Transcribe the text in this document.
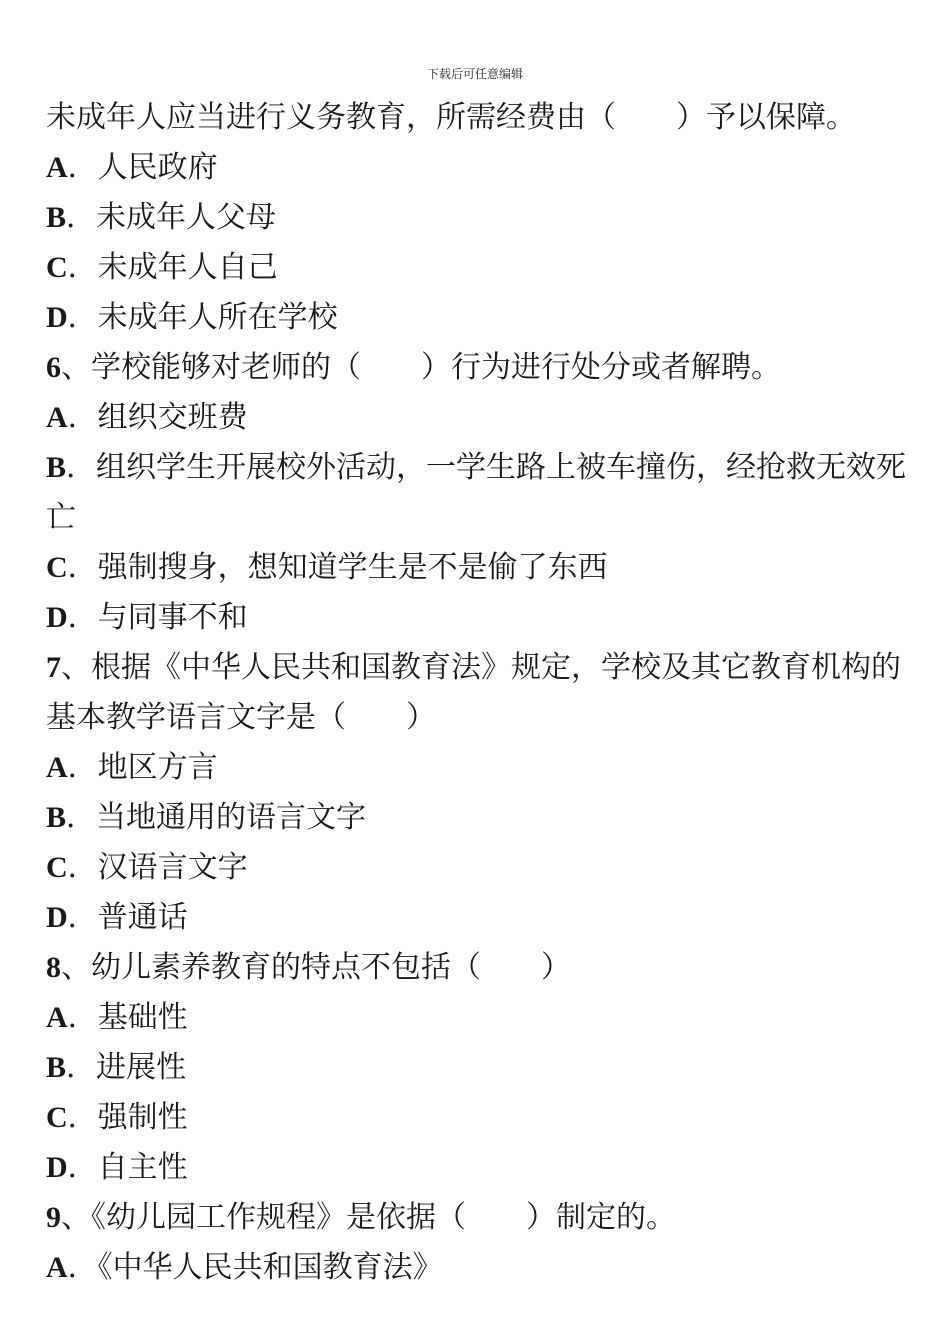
下载后可任意编辑
未成年人应当进行义务教育，所需经费由（　　）予以保障。
A．人民政府
B．未成年人父母
C．未成年人自己
D．未成年人所在学校
6、学校能够对老师的（　　）行为进行处分或者解聘。
A．组织交班费
B．组织学生开展校外活动，一学生路上被车撞伤，经抢救无效死亡
C．强制搜身，想知道学生是不是偷了东西
D．与同事不和
7、根据《中华人民共和国教育法》规定，学校及其它教育机构的基本教学语言文字是（　　）
A．地区方言
B．当地通用的语言文字
C．汉语言文字
D．普通话
8、幼儿素养教育的特点不包括（　　）
A．基础性
B．进展性
C．强制性
D．自主性
9、《幼儿园工作规程》是依据（　　）制定的。
A．《中华人民共和国教育法》
